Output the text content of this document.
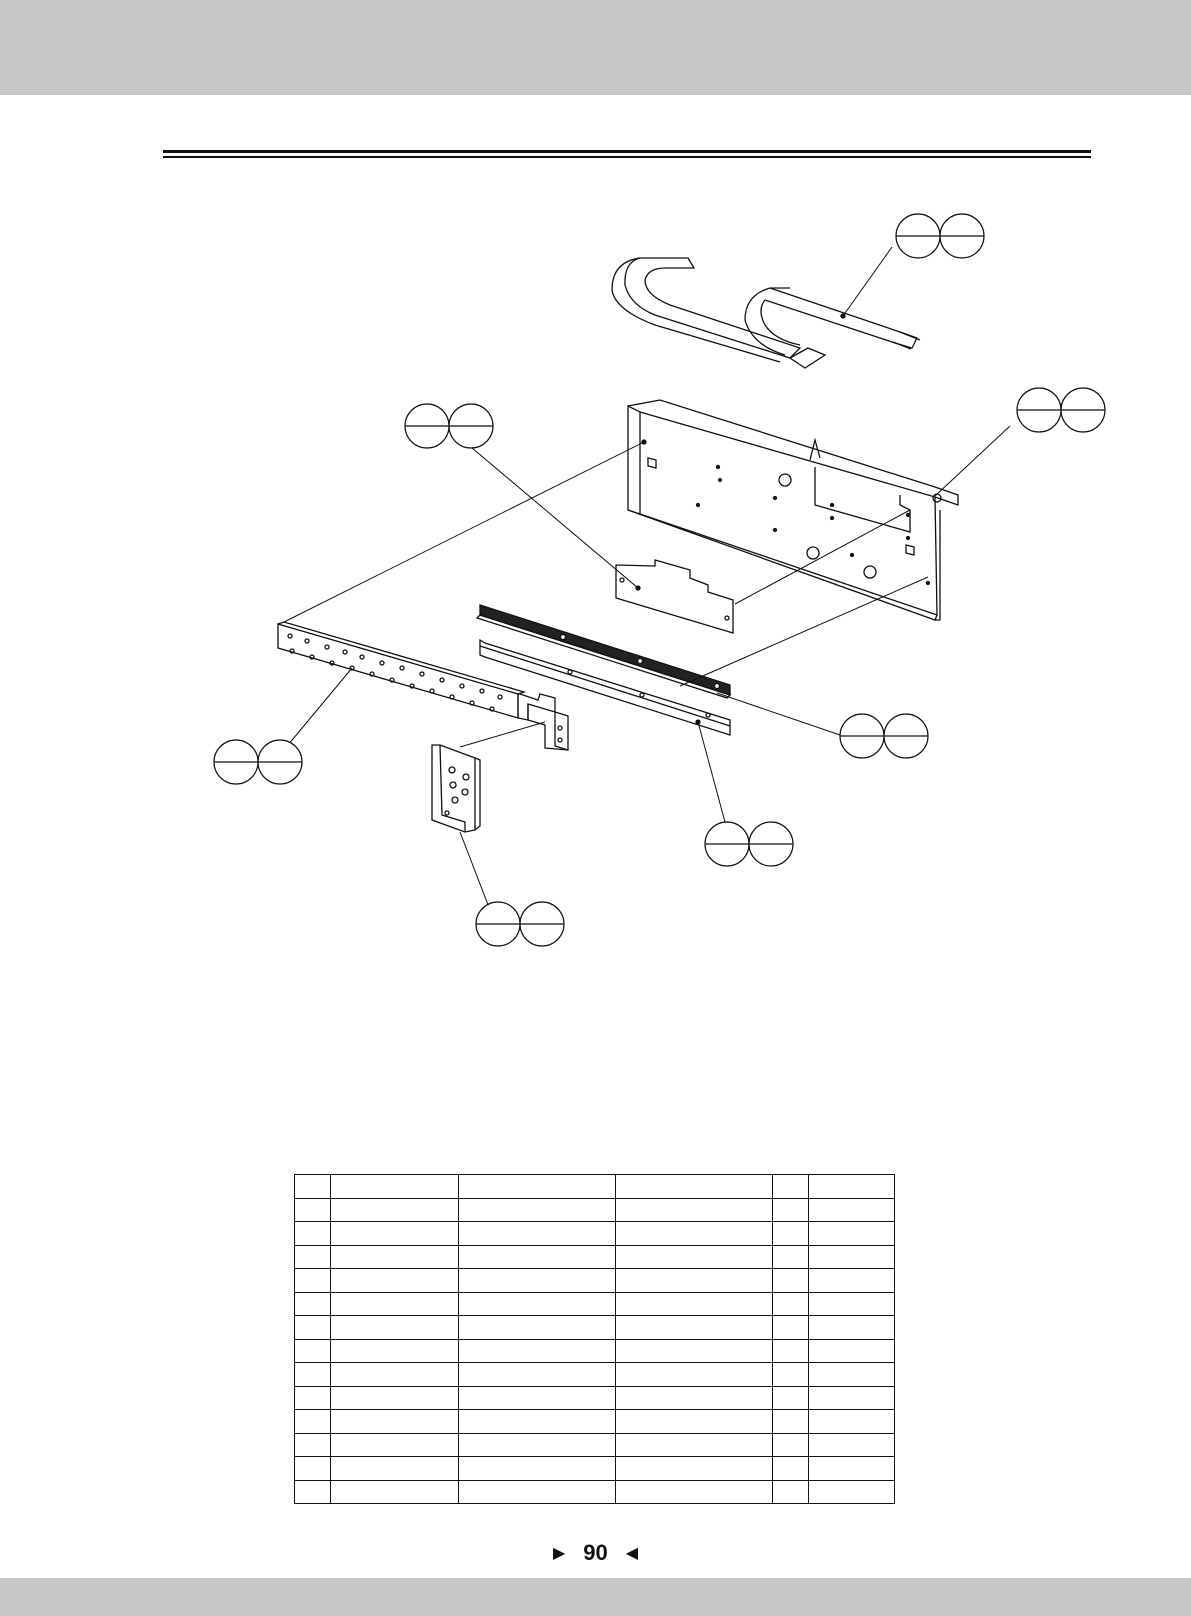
▶ 90 ◀
